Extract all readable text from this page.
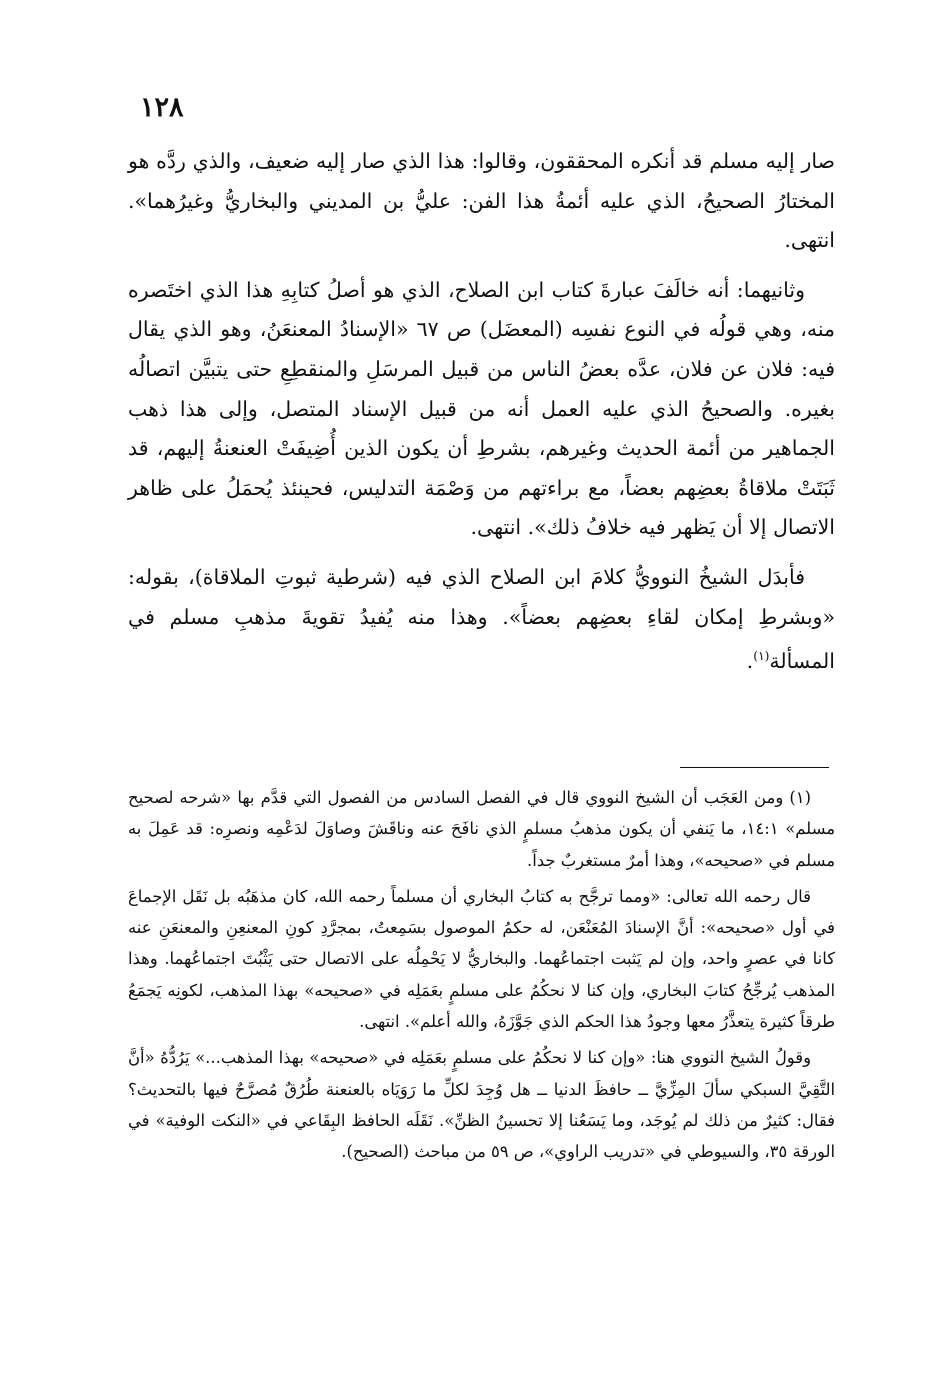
١٢٨

صار إليه مسلم قد أنكره المحققون، وقالوا: هذا الذي صار إليه ضعيف، والذي ردَّه هو المختارُ الصحيحُ، الذي عليه أئمةُ هذا الفن: عليُّ بن المديني والبخاريُّ وغيرُهما». انتهى.

وثانيهما: أنه خالَفَ عبارةَ كتاب ابن الصلاح، الذي هو أصلُ كتابِهِ هذا الذي اختَصره منه، وهي قولُه في النوع نفسِه (المعضَل) ص ٦٧ «الإسنادُ المعنعَنُ، وهو الذي يقال فيه: فلان عن فلان، عدَّه بعضُ الناس من قبيل المرسَلِ والمنقطِعِ حتى يتبيَّن اتصالُه بغيره. والصحيحُ الذي عليه العمل أنه من قبيل الإسناد المتصل، وإلى هذا ذهب الجماهير من أئمة الحديث وغيرهم، بشرطِ أن يكون الذين أُضِيفَتْ العنعنةُ إليهم، قد ثَبَتَتْ ملاقاةُ بعضِهم بعضاً، مع براءتهم من وَصْمَة التدليس، فحينئذ يُحمَلُ على ظاهر الاتصال إلا أن يَظهر فيه خلافُ ذلك». انتهى.

فأبدَل الشيخُ النوويُّ كلامَ ابن الصلاح الذي فيه (شرطية ثبوتِ الملاقاة)، بقوله: «وبشرطِ إمكان لقاءِ بعضِهم بعضاً». وهذا منه يُفيدُ تقويةَ مذهبِ مسلم في المسألة$^{(١)}$.

(١) ومن العَجَب أن الشيخ النووي قال في الفصل السادس من الفصول التي قدَّم بها «شرحه لصحيح مسلم» ١٤:١، ما يَنفي أن يكون مذهبُ مسلمٍ الذي نافَحَ عنه وناقَشَ وصاوَلَ لدَعْمِه ونصرِه: قد عَمِلَ به مسلم في «صحيحه»، وهذا أمرٌ مستغربٌ جداً.

قال رحمه الله تعالى: «ومما ترجَّح به كتابُ البخاري أن مسلماً رحمه الله، كان مذهَبُه بل نَقَل الإجماعَ في أول «صحيحه»: أنَّ الإسنادَ المُعَنْعَن، له حكمُ الموصول بسَمِعتُ، بمجرَّدِ كونِ المعنعِنِ والمعنعَنِ عنه كانا في عصرٍ واحد، وإن لم يَثبت اجتماعُهما. والبخاريُّ لا يَحْمِلُه على الاتصال حتى يَثْبُتَ اجتماعُهما. وهذا المذهب يُرجِّحُ كتابَ البخاري، وإن كنا لا نحكُمُ على مسلمٍ بعَمَلِه في «صحيحه» بهذا المذهب، لكونِه يَجمَعُ طرقاً كثيرة يتعذَّرُ معها وجودُ هذا الحكم الذي جَوَّزَهُ، والله أعلم». انتهى.

وقولُ الشيخ النووي هنا: «وإن كنا لا نحكُمُ على مسلمٍ بعَمَلِه في «صحيحه» بهذا المذهب...» يَرُدُّهُ «أنَّ التَّقِيَّ السبكي سألَ المِزِّيَّ ــ حافظَ الدنيا ــ هل وُجِدَ لكلِّ ما رَوَيَاه بالعنعنة طُرُقٌ مُصرَّحٌ فيها بالتحديث؟ فقال: كثيرٌ من ذلك لم يُوجَد، وما يَسَعُنا إلا تحسينُ الظنِّ». نَقَلَه الحافظ البِقَاعي في «النكت الوفية» في الورقة ٣٥، والسيوطي في «تدريب الراوي»، ص ٥٩ من مباحث (الصحيح).
